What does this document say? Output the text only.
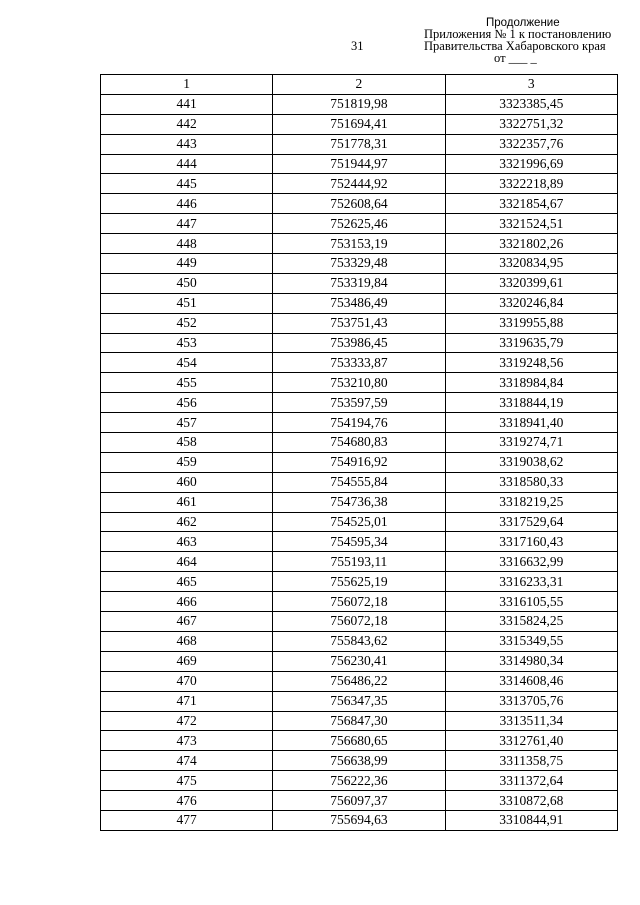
Продолжение
Приложения № 1 к постановлению
Правительства Хабаровского края
от ___ _
31
1	2	3
441	751819,98	3323385,45
442	751694,41	3322751,32
443	751778,31	3322357,76
444	751944,97	3321996,69
445	752444,92	3322218,89
446	752608,64	3321854,67
447	752625,46	3321524,51
448	753153,19	3321802,26
449	753329,48	3320834,95
450	753319,84	3320399,61
451	753486,49	3320246,84
452	753751,43	3319955,88
453	753986,45	3319635,79
454	753333,87	3319248,56
455	753210,80	3318984,84
456	753597,59	3318844,19
457	754194,76	3318941,40
458	754680,83	3319274,71
459	754916,92	3319038,62
460	754555,84	3318580,33
461	754736,38	3318219,25
462	754525,01	3317529,64
463	754595,34	3317160,43
464	755193,11	3316632,99
465	755625,19	3316233,31
466	756072,18	3316105,55
467	756072,18	3315824,25
468	755843,62	3315349,55
469	756230,41	3314980,34
470	756486,22	3314608,46
471	756347,35	3313705,76
472	756847,30	3313511,34
473	756680,65	3312761,40
474	756638,99	3311358,75
475	756222,36	3311372,64
476	756097,37	3310872,68
477	755694,63	3310844,91
